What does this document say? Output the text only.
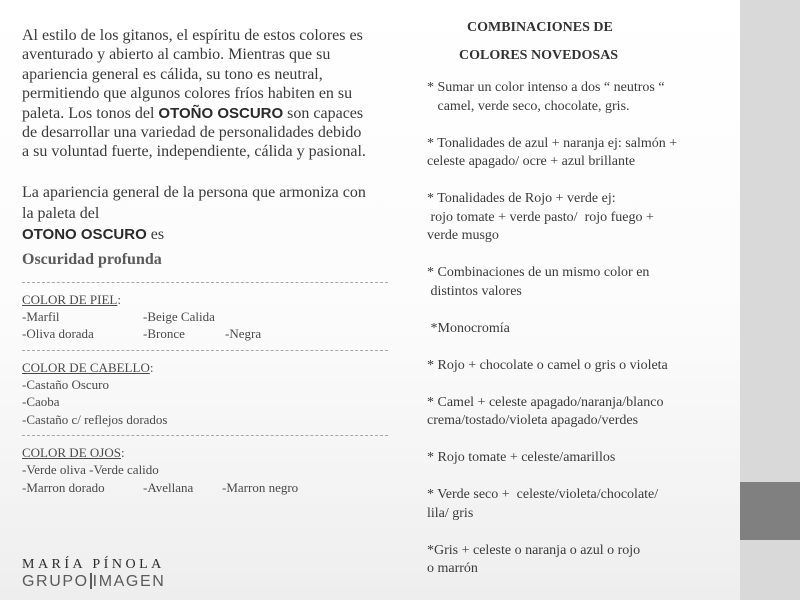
Al estilo de los gitanos, el espíritu de estos colores es aventurado y abierto al cambio. Mientras que su apariencia general es cálida, su tono es neutral, permitiendo que algunos colores fríos habiten en su paleta. Los tonos del OTOÑO OSCURO son capaces de desarrollar una variedad de personalidades debido a su voluntad fuerte, independiente, cálida y pasional.

La apariencia general de la persona que armoniza con la paleta del
OTONO OSCURO es

Oscuridad profunda
COLOR DE PIEL:
-Marfil	-Beige Calida
-Oliva dorada	-Bronce	-Negra
COLOR DE CABELLO:
-Castaño Oscuro
-Caoba
-Castaño c/ reflejos dorados
COLOR DE OJOS:
-Verde oliva -Verde calido
-Marron dorado	-Avellana	-Marron negro
MARÍA PÍNOLA
GRUPO IMAGEN
COMBINACIONES DE
COLORES NOVEDOSAS
* Sumar un color intenso a dos “ neutros “
camel, verde seco, chocolate, gris.
* Tonalidades de azul + naranja ej: salmón +
celeste apagado/ ocre + azul brillante
* Tonalidades de Rojo + verde ej:
rojo tomate + verde pasto/  rojo fuego +
verde musgo
* Combinaciones de un mismo color en
distintos valores
*Monocromía
* Rojo + chocolate o camel o gris o violeta
* Camel + celeste apagado/naranja/blanco
crema/tostado/violeta apagado/verdes
* Rojo tomate + celeste/amarillos
* Verde seco +  celeste/violeta/chocolate/
lila/ gris
*Gris + celeste o naranja o azul o rojo
o marrón
